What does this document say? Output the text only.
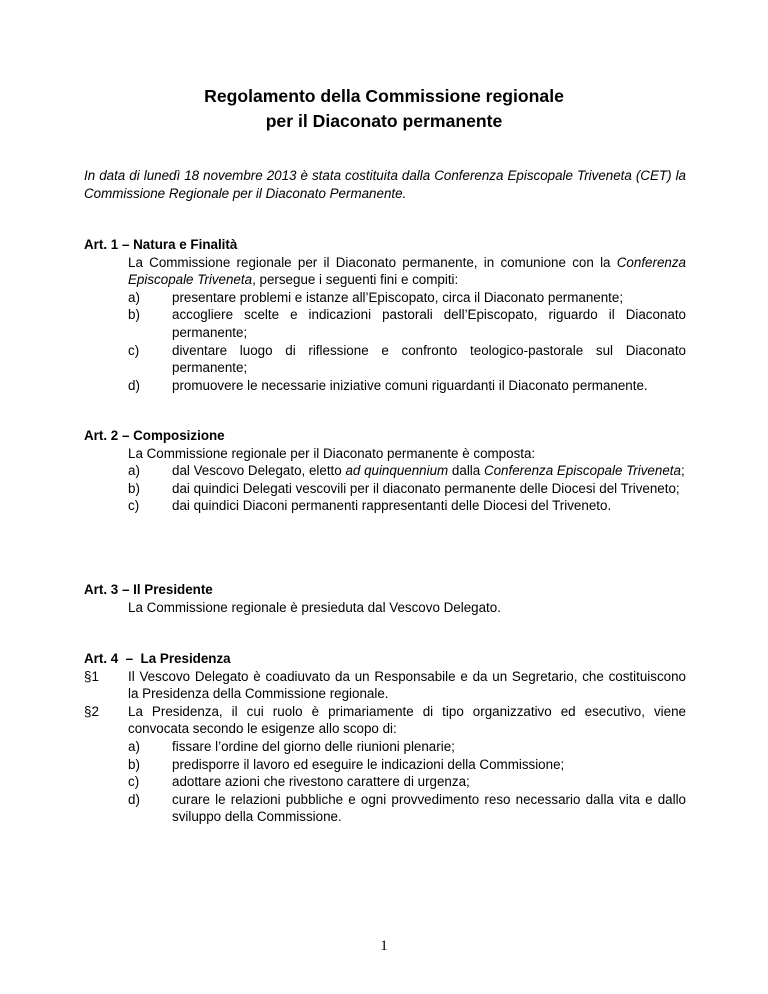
Regolamento della Commissione regionale
per il Diaconato permanente
In data di lunedì 18 novembre 2013 è stata costituita dalla Conferenza Episcopale Triveneta (CET) la Commissione Regionale per il Diaconato Permanente.
Art. 1 – Natura e Finalità
La Commissione regionale per il Diaconato permanente, in comunione con la Conferenza Episcopale Triveneta, persegue i seguenti fini e compiti:
a)	presentare problemi e istanze all’Episcopato, circa il Diaconato permanente;
b)	accogliere scelte e indicazioni pastorali dell’Episcopato, riguardo il Diaconato permanente;
c)	diventare luogo di riflessione e confronto teologico-pastorale sul Diaconato permanente;
d)	promuovere le necessarie iniziative comuni riguardanti il Diaconato permanente.
Art. 2 – Composizione
La Commissione regionale per il Diaconato permanente è composta:
a)	dal Vescovo Delegato, eletto ad quinquennium dalla Conferenza Episcopale Triveneta;
b)	dai quindici Delegati vescovili per il diaconato permanente delle Diocesi del Triveneto;
c)	dai quindici Diaconi permanenti rappresentanti delle Diocesi del Triveneto.
Art. 3 – Il Presidente
La Commissione regionale è presieduta dal Vescovo Delegato.
Art. 4  –  La Presidenza
§1	Il Vescovo Delegato è coadiuvato da un Responsabile e da un Segretario, che costituiscono la Presidenza della Commissione regionale.
§2	La Presidenza, il cui ruolo è primariamente di tipo organizzativo ed esecutivo, viene convocata secondo le esigenze allo scopo di:
a)	fissare l’ordine del giorno delle riunioni plenarie;
b)	predisporre il lavoro ed eseguire le indicazioni della Commissione;
c)	adottare azioni che rivestono carattere di urgenza;
d)	curare le relazioni pubbliche e ogni provvedimento reso necessario dalla vita e dallo sviluppo della Commissione.
1
